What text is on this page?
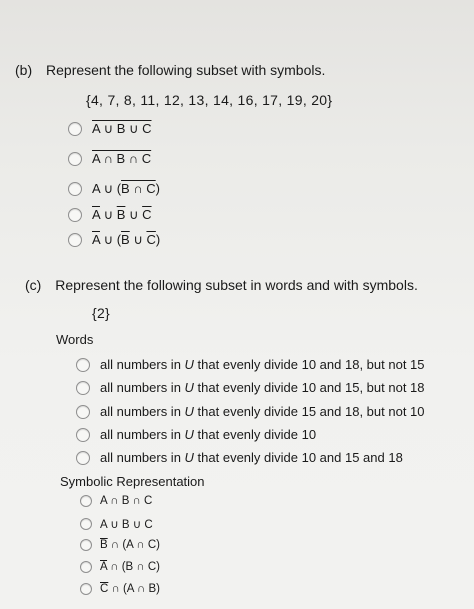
(b) Represent the following subset with symbols.
{4, 7, 8, 11, 12, 13, 14, 16, 17, 19, 20}
A ∪ B ∪ C
A ∩ B ∩ C
A ∪ (B ∩ C)
$\overline{A}$ ∪ $\overline{B}$ ∪ $\overline{C}$
$\overline{A}$ ∪ ($\overline{B}$ ∪ $\overline{C}$)
(c) Represent the following subset in words and with symbols.
{2}
Words
all numbers in U that evenly divide 10 and 18, but not 15
all numbers in U that evenly divide 10 and 15, but not 18
all numbers in U that evenly divide 15 and 18, but not 10
all numbers in U that evenly divide 10
all numbers in U that evenly divide 10 and 15 and 18
Symbolic Representation
A ∩ B ∩ C
A ∪ B ∪ C
$\overline{B}$ ∩ (A ∩ C)
$\overline{A}$ ∩ (B ∩ C)
$\overline{C}$ ∩ (A ∩ B)
